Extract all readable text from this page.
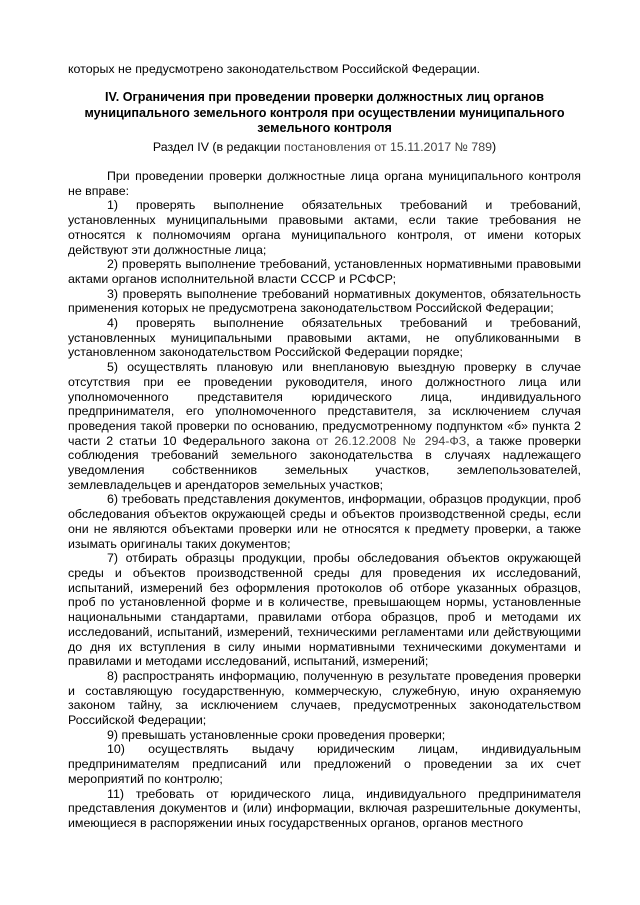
которых не предусмотрено законодательством Российской Федерации.
IV. Ограничения при проведении проверки должностных лиц органов муниципального земельного контроля при осуществлении муниципального земельного контроля
Раздел IV (в редакции постановления от 15.11.2017 № 789)

При проведении проверки должностные лица органа муниципального контроля не вправе:

1) проверять выполнение обязательных требований и требований, установленных муниципальными правовыми актами, если такие требования не относятся к полномочиям органа муниципального контроля, от имени которых действуют эти должностные лица;

2) проверять выполнение требований, установленных нормативными правовыми актами органов исполнительной власти СССР и РСФСР;

3) проверять выполнение требований нормативных документов, обязательность применения которых не предусмотрена законодательством Российской Федерации;

4) проверять выполнение обязательных требований и требований, установленных муниципальными правовыми актами, не опубликованными в установленном законодательством Российской Федерации порядке;

5) осуществлять плановую или внеплановую выездную проверку в случае отсутствия при ее проведении руководителя, иного должностного лица или уполномоченного представителя юридического лица, индивидуального предпринимателя, его уполномоченного представителя, за исключением случая проведения такой проверки по основанию, предусмотренному подпунктом «б» пункта 2 части 2 статьи 10 Федерального закона от 26.12.2008 № 294-ФЗ, а также проверки соблюдения требований земельного законодательства в случаях надлежащего уведомления собственников земельных участков, землепользователей, землевладельцев и арендаторов земельных участков;

6) требовать представления документов, информации, образцов продукции, проб обследования объектов окружающей среды и объектов производственной среды, если они не являются объектами проверки или не относятся к предмету проверки, а также изымать оригиналы таких документов;

7) отбирать образцы продукции, пробы обследования объектов окружающей среды и объектов производственной среды для проведения их исследований, испытаний, измерений без оформления протоколов об отборе указанных образцов, проб по установленной форме и в количестве, превышающем нормы, установленные национальными стандартами, правилами отбора образцов, проб и методами их исследований, испытаний, измерений, техническими регламентами или действующими до дня их вступления в силу иными нормативными техническими документами и правилами и методами исследований, испытаний, измерений;

8) распространять информацию, полученную в результате проведения проверки и составляющую государственную, коммерческую, служебную, иную охраняемую законом тайну, за исключением случаев, предусмотренных законодательством Российской Федерации;

9) превышать установленные сроки проведения проверки;

10) осуществлять выдачу юридическим лицам, индивидуальным предпринимателям предписаний или предложений о проведении за их счет мероприятий по контролю;

11) требовать от юридического лица, индивидуального предпринимателя представления документов и (или) информации, включая разрешительные документы, имеющиеся в распоряжении иных государственных органов, органов местного
